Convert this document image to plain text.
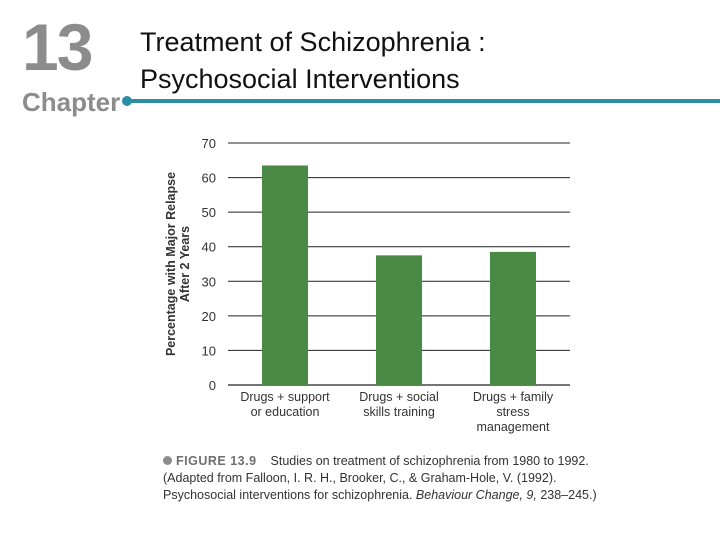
13
Chapter
Treatment of Schizophrenia :
Psychosocial Interventions
0
10
20
30
40
50
60
70
Drugs + support
or education
Drugs + social
skills training
Drugs + family
stress
management
Percentage with Major Relapse After 2 Years
FIGURE 13.9 Studies on treatment of schizophrenia from 1980 to 1992. (Adapted from Falloon, I. R. H., Brooker, C., & Graham-Hole, V. (1992). Psychosocial interventions for schizophrenia. Behaviour Change, 9, 238–245.)
